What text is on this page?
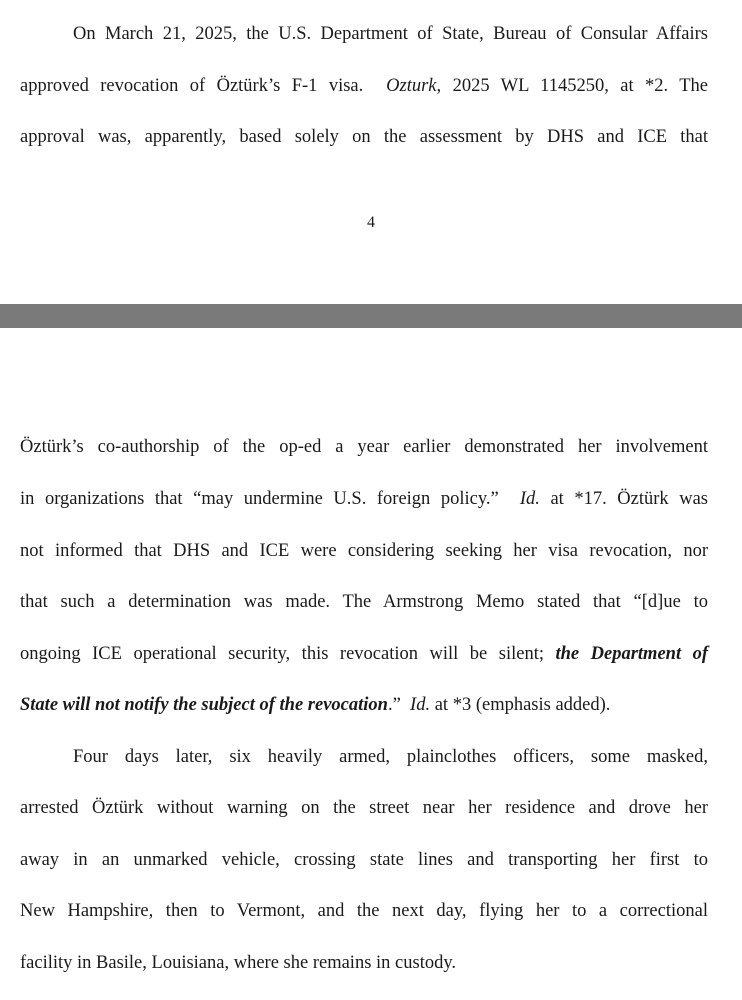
On March 21, 2025, the U.S. Department of State, Bureau of Consular Affairs
approved revocation of Öztürk’s F-1 visa. Ozturk, 2025 WL 1145250, at *2. The
approval was, apparently, based solely on the assessment by DHS and ICE that
4
Öztürk’s co-authorship of the op-ed a year earlier demonstrated her involvement
in organizations that “may undermine U.S. foreign policy.” Id. at *17. Öztürk was
not informed that DHS and ICE were considering seeking her visa revocation, nor
that such a determination was made. The Armstrong Memo stated that “[d]ue to
ongoing ICE operational security, this revocation will be silent; the Department of
State will not notify the subject of the revocation.” Id. at *3 (emphasis added).
Four days later, six heavily armed, plainclothes officers, some masked,
arrested Öztürk without warning on the street near her residence and drove her
away in an unmarked vehicle, crossing state lines and transporting her first to
New Hampshire, then to Vermont, and the next day, flying her to a correctional
facility in Basile, Louisiana, where she remains in custody.
